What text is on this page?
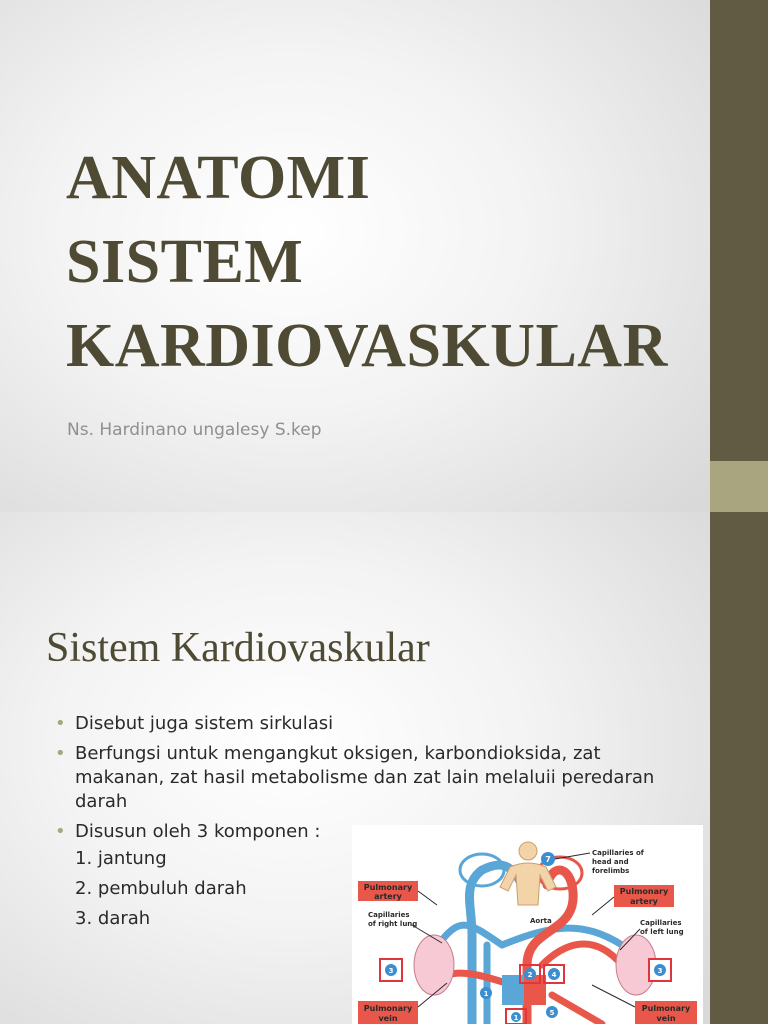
ANATOMI
SISTEM
KARDIOVASKULAR
Ns. Hardinano ungalesy S.kep
Sistem Kardiovaskular
• Disebut juga sistem sirkulasi
• Berfungsi untuk mengangkut oksigen, karbondioksida, zat makanan, zat hasil metabolisme dan zat lain melaluii peredaran darah
• Disusun oleh 3 komponen :
1. jantung
2. pembuluh darah
3. darah
Pulmonary
artery
Pulmonary
artery
Pulmonary
vein
Pulmonary
vein
Capillaries of
head and
forelimbs
Capillaries
of right lung	Capillaries
of left lung
Aorta
7
3	3
2	4
1
5
1
